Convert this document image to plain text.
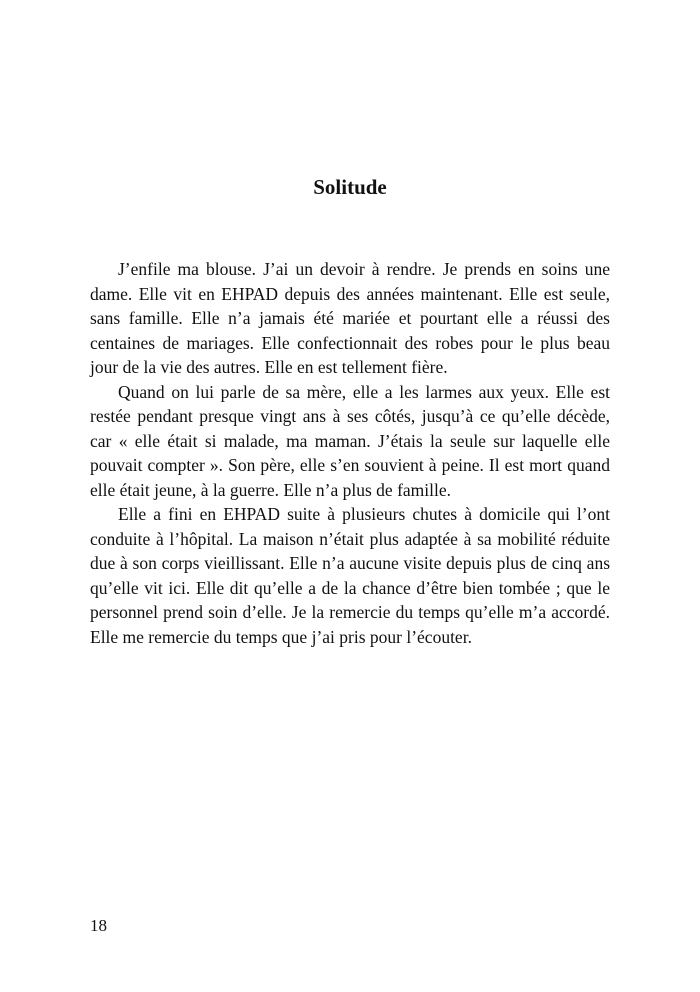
Solitude

J’enfile ma blouse. J’ai un devoir à rendre. Je prends en soins une dame. Elle vit en EHPAD depuis des années maintenant. Elle est seule, sans famille. Elle n’a jamais été mariée et pourtant elle a réussi des centaines de mariages. Elle confectionnait des robes pour le plus beau jour de la vie des autres. Elle en est tellement fière.

Quand on lui parle de sa mère, elle a les larmes aux yeux. Elle est restée pendant presque vingt ans à ses côtés, jusqu’à ce qu’elle décède, car « elle était si malade, ma maman. J’étais la seule sur laquelle elle pouvait compter ». Son père, elle s’en souvient à peine. Il est mort quand elle était jeune, à la guerre. Elle n’a plus de famille.

Elle a fini en EHPAD suite à plusieurs chutes à domicile qui l’ont conduite à l’hôpital. La maison n’était plus adaptée à sa mobilité réduite due à son corps vieillissant. Elle n’a aucune visite depuis plus de cinq ans qu’elle vit ici. Elle dit qu’elle a de la chance d’être bien tombée ; que le personnel prend soin d’elle. Je la remercie du temps qu’elle m’a accordé. Elle me remercie du temps que j’ai pris pour l’écouter.

18
